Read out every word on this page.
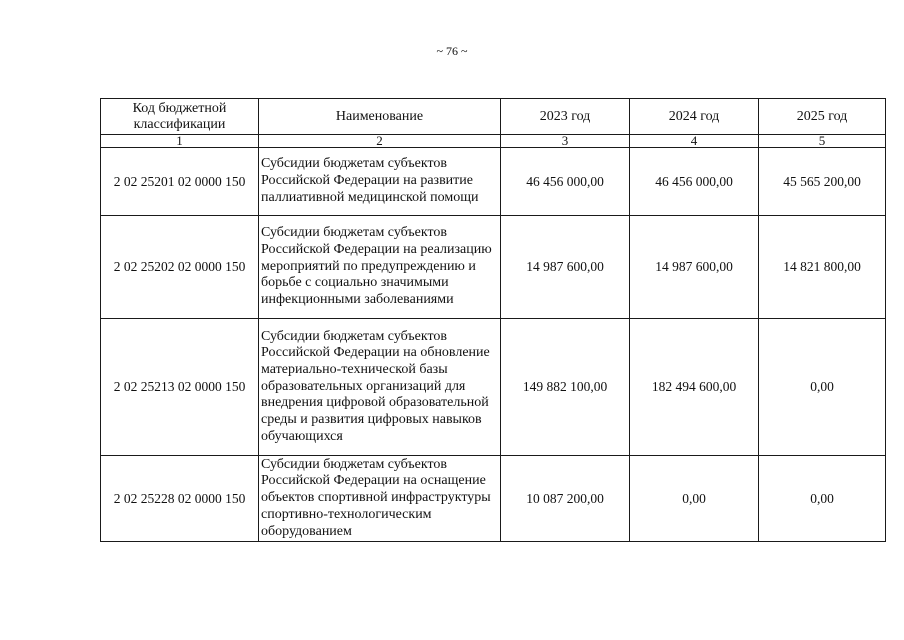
~ 76 ~
Код бюджетной классификации	Наименование	2023 год	2024 год	2025 год
1	2	3	4	5
2 02 25201 02 0000 150	Субсидии бюджетам субъектов Российской Федерации на развитие паллиативной медицинской помощи	46 456 000,00	46 456 000,00	45 565 200,00
2 02 25202 02 0000 150	Субсидии бюджетам субъектов Российской Федерации на реализацию мероприятий по предупреждению и борьбе с социально значимыми инфекционными заболеваниями	14 987 600,00	14 987 600,00	14 821 800,00
2 02 25213 02 0000 150	Субсидии бюджетам субъектов Российской Федерации на обновление материально-технической базы образовательных организаций для внедрения цифровой образовательной среды и развития цифровых навыков обучающихся	149 882 100,00	182 494 600,00	0,00
2 02 25228 02 0000 150	Субсидии бюджетам субъектов Российской Федерации на оснащение объектов спортивной инфраструктуры спортивно-технологическим оборудованием	10 087 200,00	0,00	0,00
